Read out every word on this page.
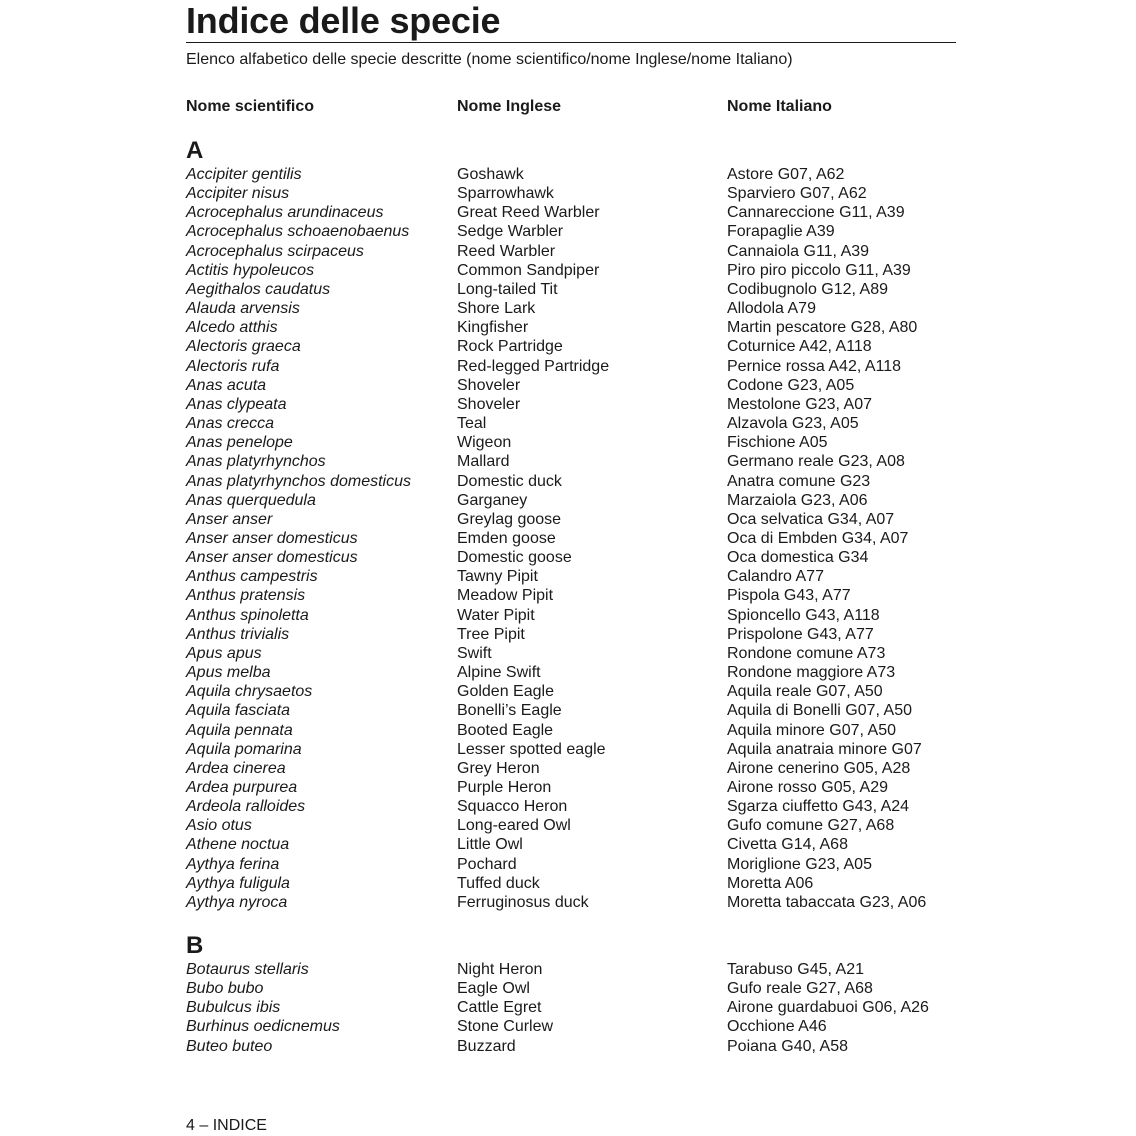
Indice delle specie
Elenco alfabetico delle specie descritte (nome scientifico/nome Inglese/nome Italiano)
Nome scientifico	Nome Inglese	Nome Italiano
A
Accipiter gentilis	Goshawk	Astore G07, A62
Accipiter nisus	Sparrowhawk	Sparviero G07, A62
Acrocephalus arundinaceus	Great Reed Warbler	Cannareccione G11, A39
Acrocephalus schoaenobaenus	Sedge Warbler	Forapaglie A39
Acrocephalus scirpaceus	Reed Warbler	Cannaiola G11, A39
Actitis hypoleucos	Common Sandpiper	Piro piro piccolo G11, A39
Aegithalos caudatus	Long-tailed Tit	Codibugnolo G12, A89
Alauda arvensis	Shore Lark	Allodola A79
Alcedo atthis	Kingfisher	Martin pescatore G28, A80
Alectoris graeca	Rock Partridge	Coturnice A42, A118
Alectoris rufa	Red-legged Partridge	Pernice rossa A42, A118
Anas acuta	Shoveler	Codone G23, A05
Anas clypeata	Shoveler	Mestolone G23, A07
Anas crecca	Teal	Alzavola G23, A05
Anas penelope	Wigeon	Fischione A05
Anas platyrhynchos	Mallard	Germano reale G23, A08
Anas platyrhynchos domesticus	Domestic duck	Anatra comune G23
Anas querquedula	Garganey	Marzaiola G23, A06
Anser anser	Greylag goose	Oca selvatica G34, A07
Anser anser domesticus	Emden goose	Oca di Embden G34, A07
Anser anser domesticus	Domestic goose	Oca domestica G34
Anthus campestris	Tawny Pipit	Calandro A77
Anthus pratensis	Meadow Pipit	Pispola G43, A77
Anthus spinoletta	Water Pipit	Spioncello G43, A118
Anthus trivialis	Tree Pipit	Prispolone G43, A77
Apus apus	Swift	Rondone comune A73
Apus melba	Alpine Swift	Rondone maggiore A73
Aquila chrysaetos	Golden Eagle	Aquila reale G07, A50
Aquila fasciata	Bonelli’s Eagle	Aquila di Bonelli G07, A50
Aquila pennata	Booted Eagle	Aquila minore G07, A50
Aquila pomarina	Lesser spotted eagle	Aquila anatraia minore G07
Ardea cinerea	Grey Heron	Airone cenerino G05, A28
Ardea purpurea	Purple Heron	Airone rosso G05, A29
Ardeola ralloides	Squacco Heron	Sgarza ciuffetto G43, A24
Asio otus	Long-eared Owl	Gufo comune G27, A68
Athene noctua	Little Owl	Civetta G14, A68
Aythya ferina	Pochard	Moriglione G23, A05
Aythya fuligula	Tuffed duck	Moretta A06
Aythya nyroca	Ferruginosus duck	Moretta tabaccata G23, A06
B
Botaurus stellaris	Night Heron	Tarabuso G45, A21
Bubo bubo	Eagle Owl	Gufo reale G27, A68
Bubulcus ibis	Cattle Egret	Airone guardabuoi G06, A26
Burhinus oedicnemus	Stone Curlew	Occhione A46
Buteo buteo	Buzzard	Poiana G40, A58
4 – INDICE
